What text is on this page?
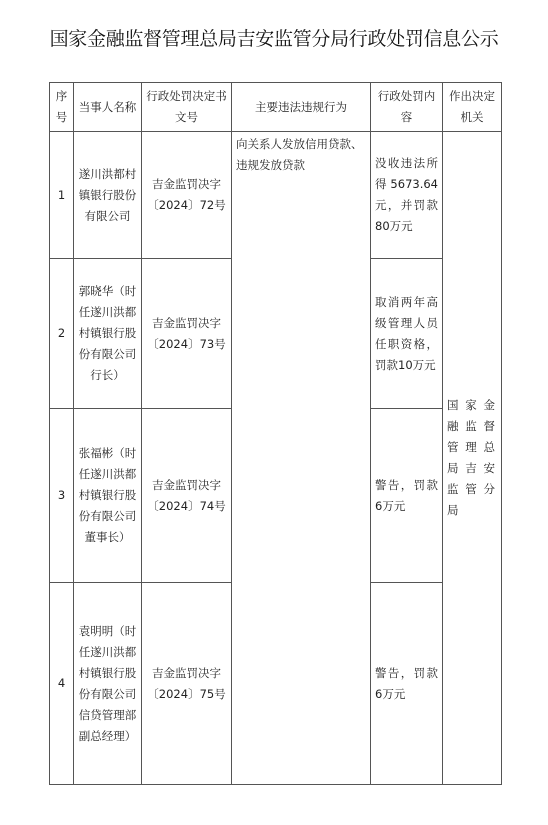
国家金融监督管理总局吉安监管分局行政处罚信息公示
序号	当事人名称	行政处罚决定书文号	主要违法违规行为	行政处罚内容	作出决定机关
1	遂川洪都村镇银行股份有限公司	吉金监罚决字〔2024〕72号	向关系人发放信用贷款、违规发放贷款	没收违法所得5673.64元，并罚款80万元	国家金融监督管理总局吉安监管分局
2	郭晓华（时任遂川洪都村镇银行股份有限公司行长）	吉金监罚决字〔2024〕73号		取消两年高级管理人员任职资格，罚款10万元	
3	张福彬（时任遂川洪都村镇银行股份有限公司董事长）	吉金监罚决字〔2024〕74号		警告，罚款6万元	
4	袁明明（时任遂川洪都村镇银行股份有限公司信贷管理部副总经理）	吉金监罚决字〔2024〕75号		警告，罚款6万元	
